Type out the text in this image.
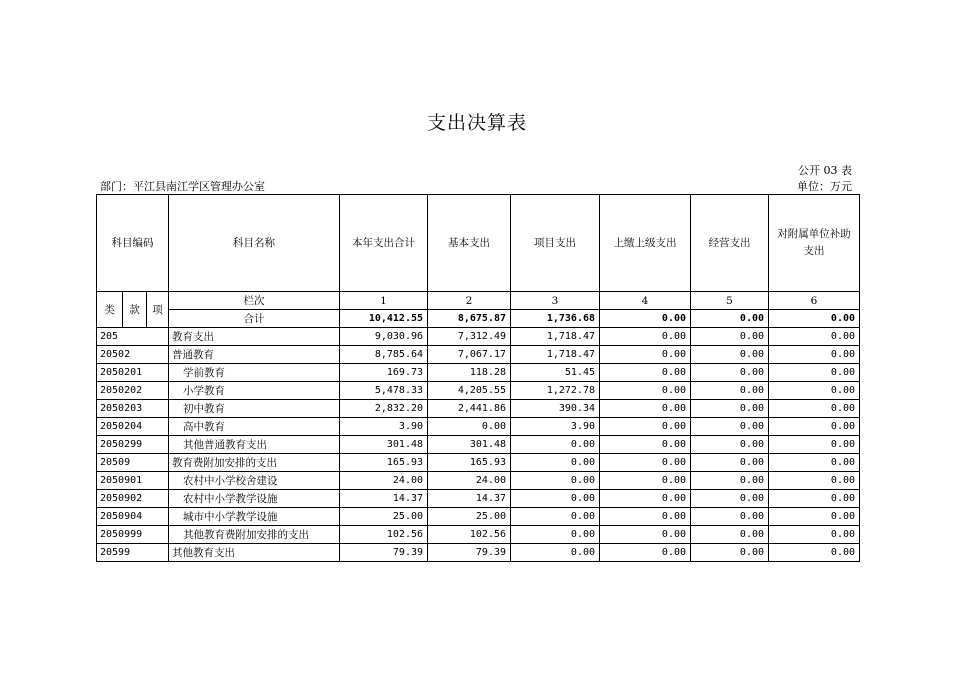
支出决算表
公开 03 表
部门：平江县南江学区管理办公室	单位：万元
科目编码			科目名称	本年支出合计	基本支出	项目支出	上缴上级支出	经营支出	对附属单位补助支出
类	款	项	栏次	1	2	3	4	5	6
			合计	10,412.55	8,675.87	1,736.68	0.00	0.00	0.00
205			教育支出	9,030.96	7,312.49	1,718.47	0.00	0.00	0.00
20502			普通教育	8,785.64	7,067.17	1,718.47	0.00	0.00	0.00
2050201			学前教育	169.73	118.28	51.45	0.00	0.00	0.00
2050202			小学教育	5,478.33	4,205.55	1,272.78	0.00	0.00	0.00
2050203			初中教育	2,832.20	2,441.86	390.34	0.00	0.00	0.00
2050204			高中教育	3.90	0.00	3.90	0.00	0.00	0.00
2050299			其他普通教育支出	301.48	301.48	0.00	0.00	0.00	0.00
20509			教育费附加安排的支出	165.93	165.93	0.00	0.00	0.00	0.00
2050901			农村中小学校舍建设	24.00	24.00	0.00	0.00	0.00	0.00
2050902			农村中小学教学设施	14.37	14.37	0.00	0.00	0.00	0.00
2050904			城市中小学教学设施	25.00	25.00	0.00	0.00	0.00	0.00
2050999			其他教育费附加安排的支出	102.56	102.56	0.00	0.00	0.00	0.00
20599			其他教育支出	79.39	79.39	0.00	0.00	0.00	0.00
